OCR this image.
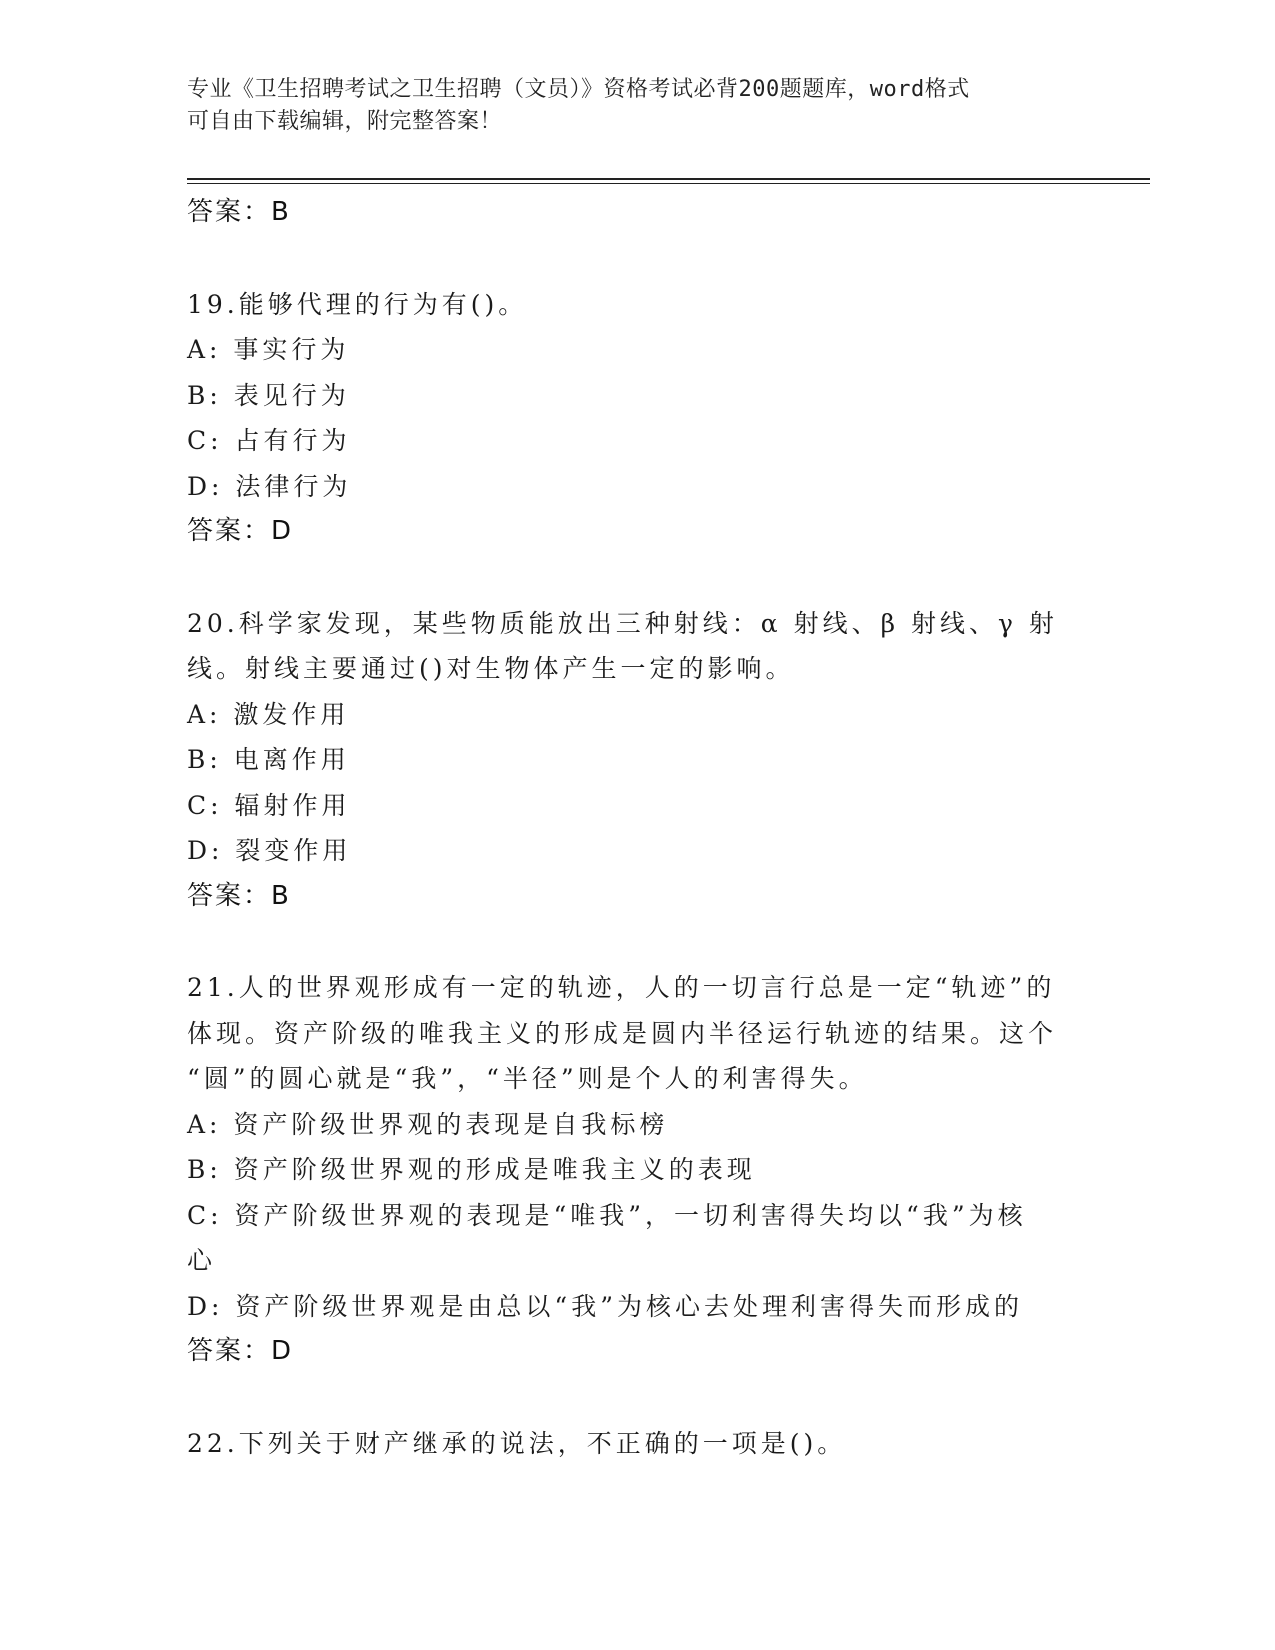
专业《卫生招聘考试之卫生招聘（文员）》资格考试必背200题题库，word格式
可自由下载编辑，附完整答案！
答案：B
19.能够代理的行为有()。
A: 事实行为
B: 表见行为
C: 占有行为
D: 法律行为
答案：D
20.科学家发现，某些物质能放出三种射线：α 射线、β 射线、γ 射
线。射线主要通过()对生物体产生一定的影响。
A: 激发作用
B: 电离作用
C: 辐射作用
D: 裂变作用
答案：B
21.人的世界观形成有一定的轨迹，人的一切言行总是一定“轨迹”的
体现。资产阶级的唯我主义的形成是圆内半径运行轨迹的结果。这个
“圆”的圆心就是“我”，“半径”则是个人的利害得失。
A: 资产阶级世界观的表现是自我标榜
B: 资产阶级世界观的形成是唯我主义的表现
C: 资产阶级世界观的表现是“唯我”，一切利害得失均以“我”为核
心
D: 资产阶级世界观是由总以“我”为核心去处理利害得失而形成的
答案：D
22.下列关于财产继承的说法，不正确的一项是()。
